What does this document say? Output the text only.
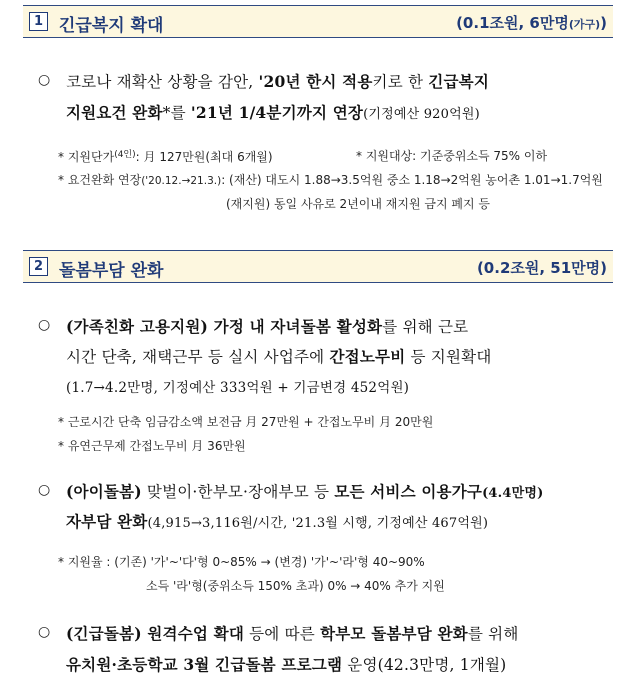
1 긴급복지 확대	(0.1조원, 6만명(가구))
○ 코로나 재확산 상황을 감안, '20년 한시 적용키로 한 긴급복지
지원요건 완화*를 '21년 1/4분기까지 연장(기정예산 920억원)
* 지원단가$^{(4인)}$: 月 127만원(최대 6개월)	* 지원대상: 기준중위소득 75% 이하
* 요건완화 연장('20.12.→21.3.): (재산) 대도시 1.88→3.5억원 중소 1.18→2억원 농어촌 1.01→1.7억원
(재지원) 동일 사유로 2년이내 재지원 금지 폐지 등
2 돌봄부담 완화	(0.2조원, 51만명)
○ (가족친화 고용지원) 가정 내 자녀돌봄 활성화를 위해 근로
시간 단축, 재택근무 등 실시 사업주에 간접노무비 등 지원확대
(1.7→4.2만명, 기정예산 333억원 + 기금변경 452억원)
* 근로시간 단축 임금감소액 보전금 月 27만원 + 간접노무비 月 20만원
* 유연근무제 간접노무비 月 36만원
○ (아이돌봄) 맞벌이·한부모·장애부모 등 모든 서비스 이용가구(4.4만명)
자부담 완화(4,915→3,116원/시간, '21.3월 시행, 기정예산 467억원)
* 지원율 : (기존) '가'~'다'형 0~85% → (변경) '가'~'라'형 40~90%
소득 '라'형(중위소득 150% 초과) 0% → 40% 추가 지원
○ (긴급돌봄) 원격수업 확대 등에 따른 학부모 돌봄부담 완화를 위해
유치원·초등학교 3월 긴급돌봄 프로그램 운영(42.3만명, 1개월)
